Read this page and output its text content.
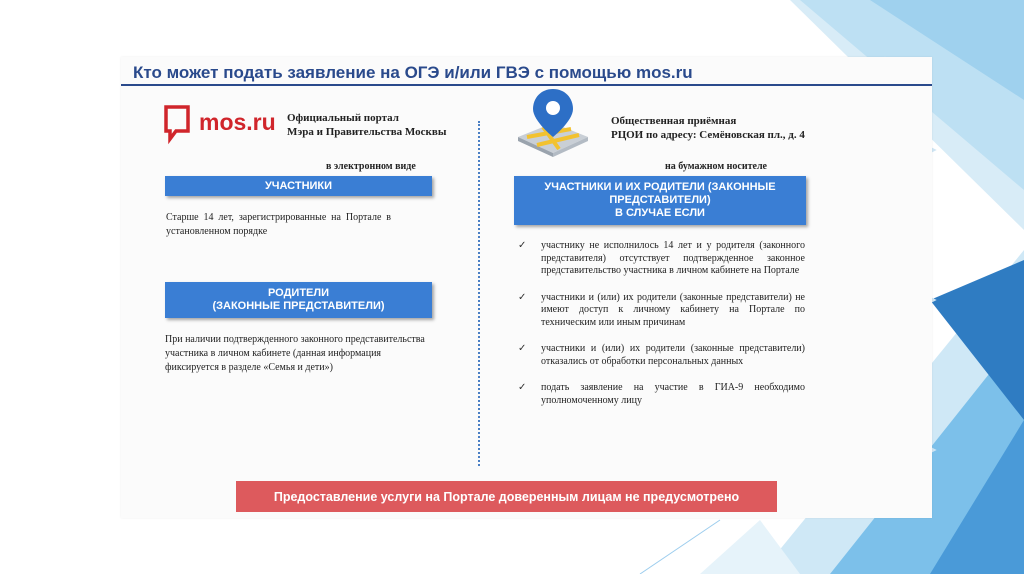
Кто может подать заявление на ОГЭ и/или ГВЭ с помощью mos.ru
mos.ru Официальный портал
Мэра и Правительства Москвы
Общественная приёмная
РЦОИ по адресу: Семёновская пл., д. 4
в электронном виде	на бумажном носителе
УЧАСТНИКИ
Старше 14 лет, зарегистрированные на Портале в установленном порядке
РОДИТЕЛИ
(ЗАКОННЫЕ ПРЕДСТАВИТЕЛИ)
При наличии подтвержденного законного представительства участника в личном кабинете (данная информация фиксируется в разделе «Семья и дети»)
УЧАСТНИКИ И ИХ РОДИТЕЛИ (ЗАКОННЫЕ
ПРЕДСТАВИТЕЛИ)
В СЛУЧАЕ ЕСЛИ
✓ участнику не исполнилось 14 лет и у родителя (законного представителя) отсутствует подтвержденное законное представительство участника в личном кабинете на Портале
✓ участники и (или) их родители (законные представители) не имеют доступ к личному кабинету на Портале по техническим или иным причинам
✓ участники и (или) их родители (законные представители) отказались от обработки персональных данных
✓ подать заявление на участие в ГИА-9 необходимо уполномоченному лицу
Предоставление услуги на Портале доверенным лицам не предусмотрено
